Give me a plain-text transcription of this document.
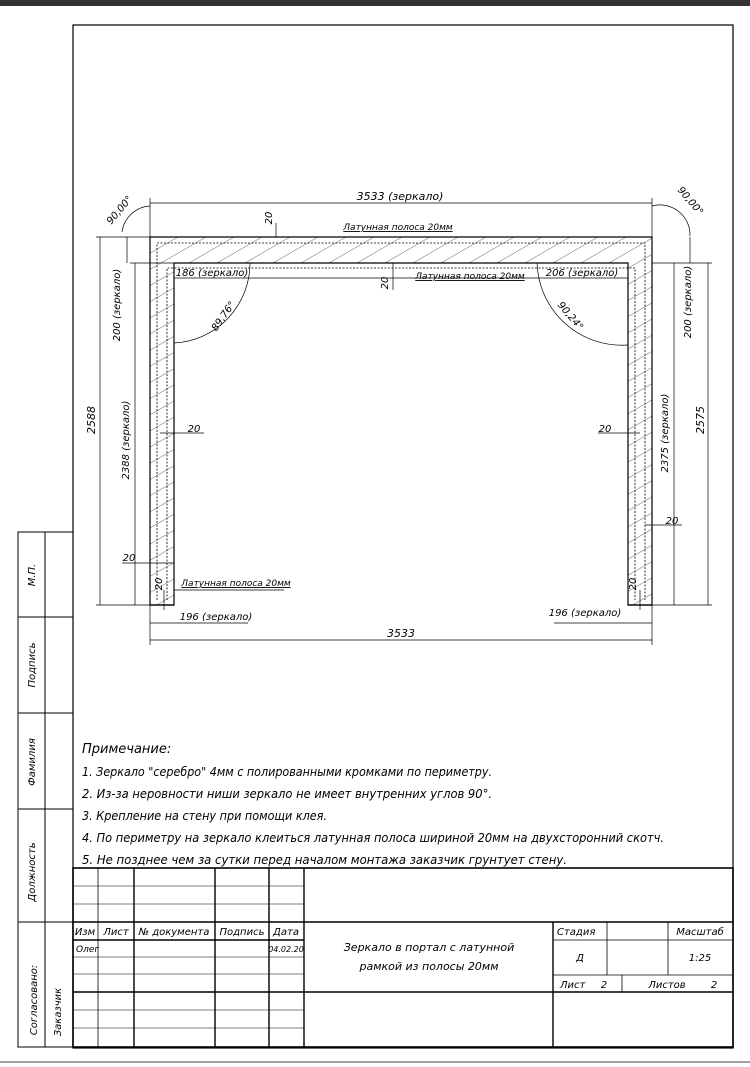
3533 (зеркало)
90,00°	90,00°
20
Латунная полоса 20мм
186 (зеркало)
20	Латунная полоса 20мм 206 (зеркало)
89,76°	90,24°
200 (зеркало)	200 (зеркало)
2588 2388 (зеркало)	2375 (зеркало) 2575
20	20
20
20
20	20
Латунная полоса 20мм
196 (зеркало)	196 (зеркало)
3533
Примечание:
1. Зеркало "серебро" 4мм с полированными кромками по периметру.
2. Из-за неровности ниши зеркало не имеет внутренних углов 90°.
3. Крепление на стену при помощи клея.
4. По периметру на зеркало клеиться латунная полоса шириной 20мм на двухсторонний скотч.
5. Не позднее чем за сутки перед началом монтажа заказчик грунтует стену.
М.П.
Подпись
Фамилия
Должность
Согласовано: Заказчик
Изм Лист № документа Подпись Дата
Олег	04.02.20	Зеркало в портал с латунной
рамкой из полосы 20мм
Стадия
Д
Масштаб
1:25
Лист 2	Листов	2
